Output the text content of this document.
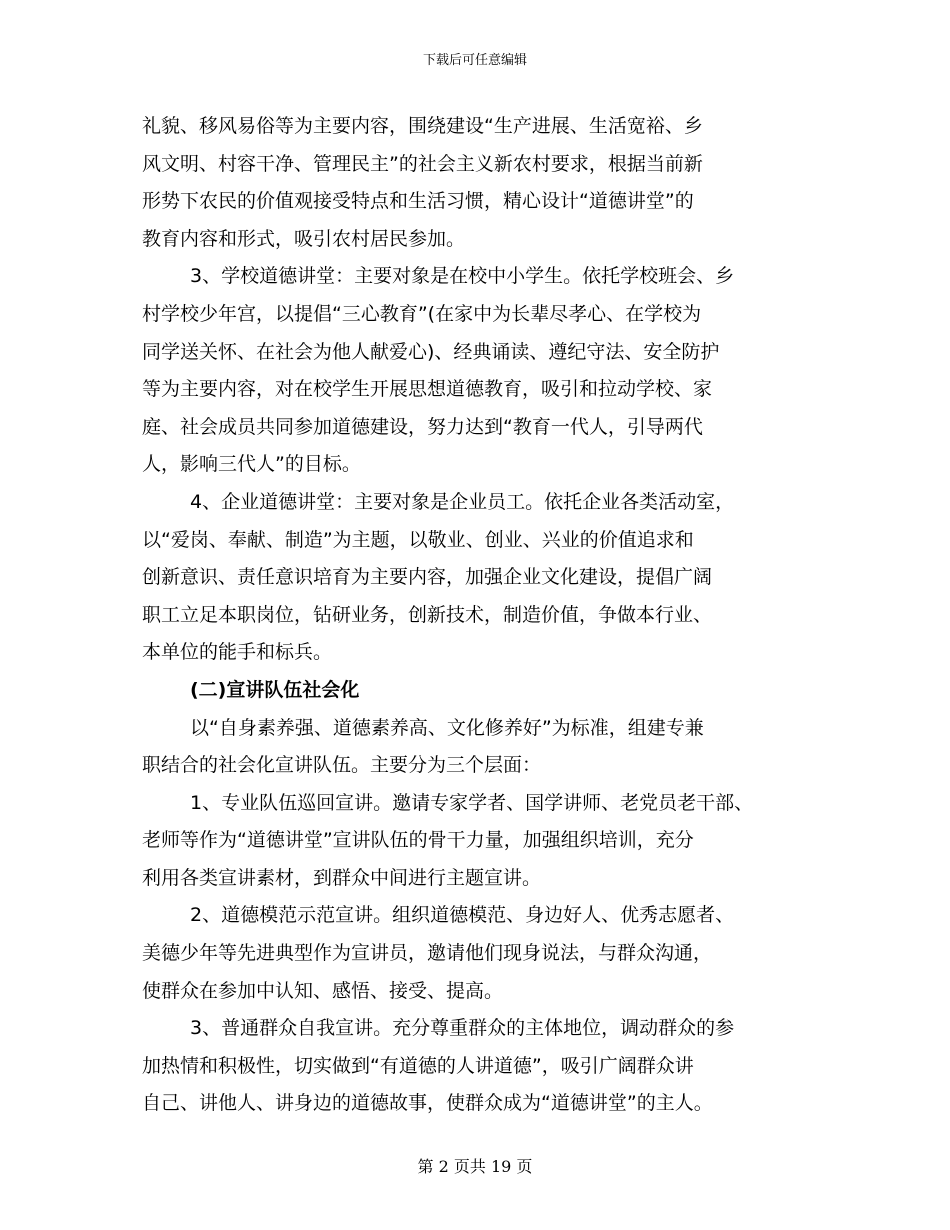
下载后可任意编辑
礼貌、移风易俗等为主要内容，围绕建设“生产进展、生活宽裕、乡
风文明、村容干净、管理民主”的社会主义新农村要求，根据当前新
形势下农民的价值观接受特点和生活习惯，精心设计“道德讲堂”的
教育内容和形式，吸引农村居民参加。
3、学校道德讲堂：主要对象是在校中小学生。依托学校班会、乡
村学校少年宫，以提倡“三心教育”(在家中为长辈尽孝心、在学校为
同学送关怀、在社会为他人献爱心)、经典诵读、遵纪守法、安全防护
等为主要内容，对在校学生开展思想道德教育，吸引和拉动学校、家
庭、社会成员共同参加道德建设，努力达到“教育一代人，引导两代
人，影响三代人”的目标。
4、企业道德讲堂：主要对象是企业员工。依托企业各类活动室，
以“爱岗、奉献、制造”为主题，以敬业、创业、兴业的价值追求和
创新意识、责任意识培育为主要内容，加强企业文化建设，提倡广阔
职工立足本职岗位，钻研业务，创新技术，制造价值，争做本行业、
本单位的能手和标兵。
(二)宣讲队伍社会化
以“自身素养强、道德素养高、文化修养好”为标准，组建专兼
职结合的社会化宣讲队伍。主要分为三个层面：
1、专业队伍巡回宣讲。邀请专家学者、国学讲师、老党员老干部、
老师等作为“道德讲堂”宣讲队伍的骨干力量，加强组织培训，充分
利用各类宣讲素材，到群众中间进行主题宣讲。
2、道德模范示范宣讲。组织道德模范、身边好人、优秀志愿者、
美德少年等先进典型作为宣讲员，邀请他们现身说法，与群众沟通，
使群众在参加中认知、感悟、接受、提高。
3、普通群众自我宣讲。充分尊重群众的主体地位，调动群众的参
加热情和积极性，切实做到“有道德的人讲道德”，吸引广阔群众讲
自己、讲他人、讲身边的道德故事，使群众成为“道德讲堂”的主人。
第 2 页共 19 页
